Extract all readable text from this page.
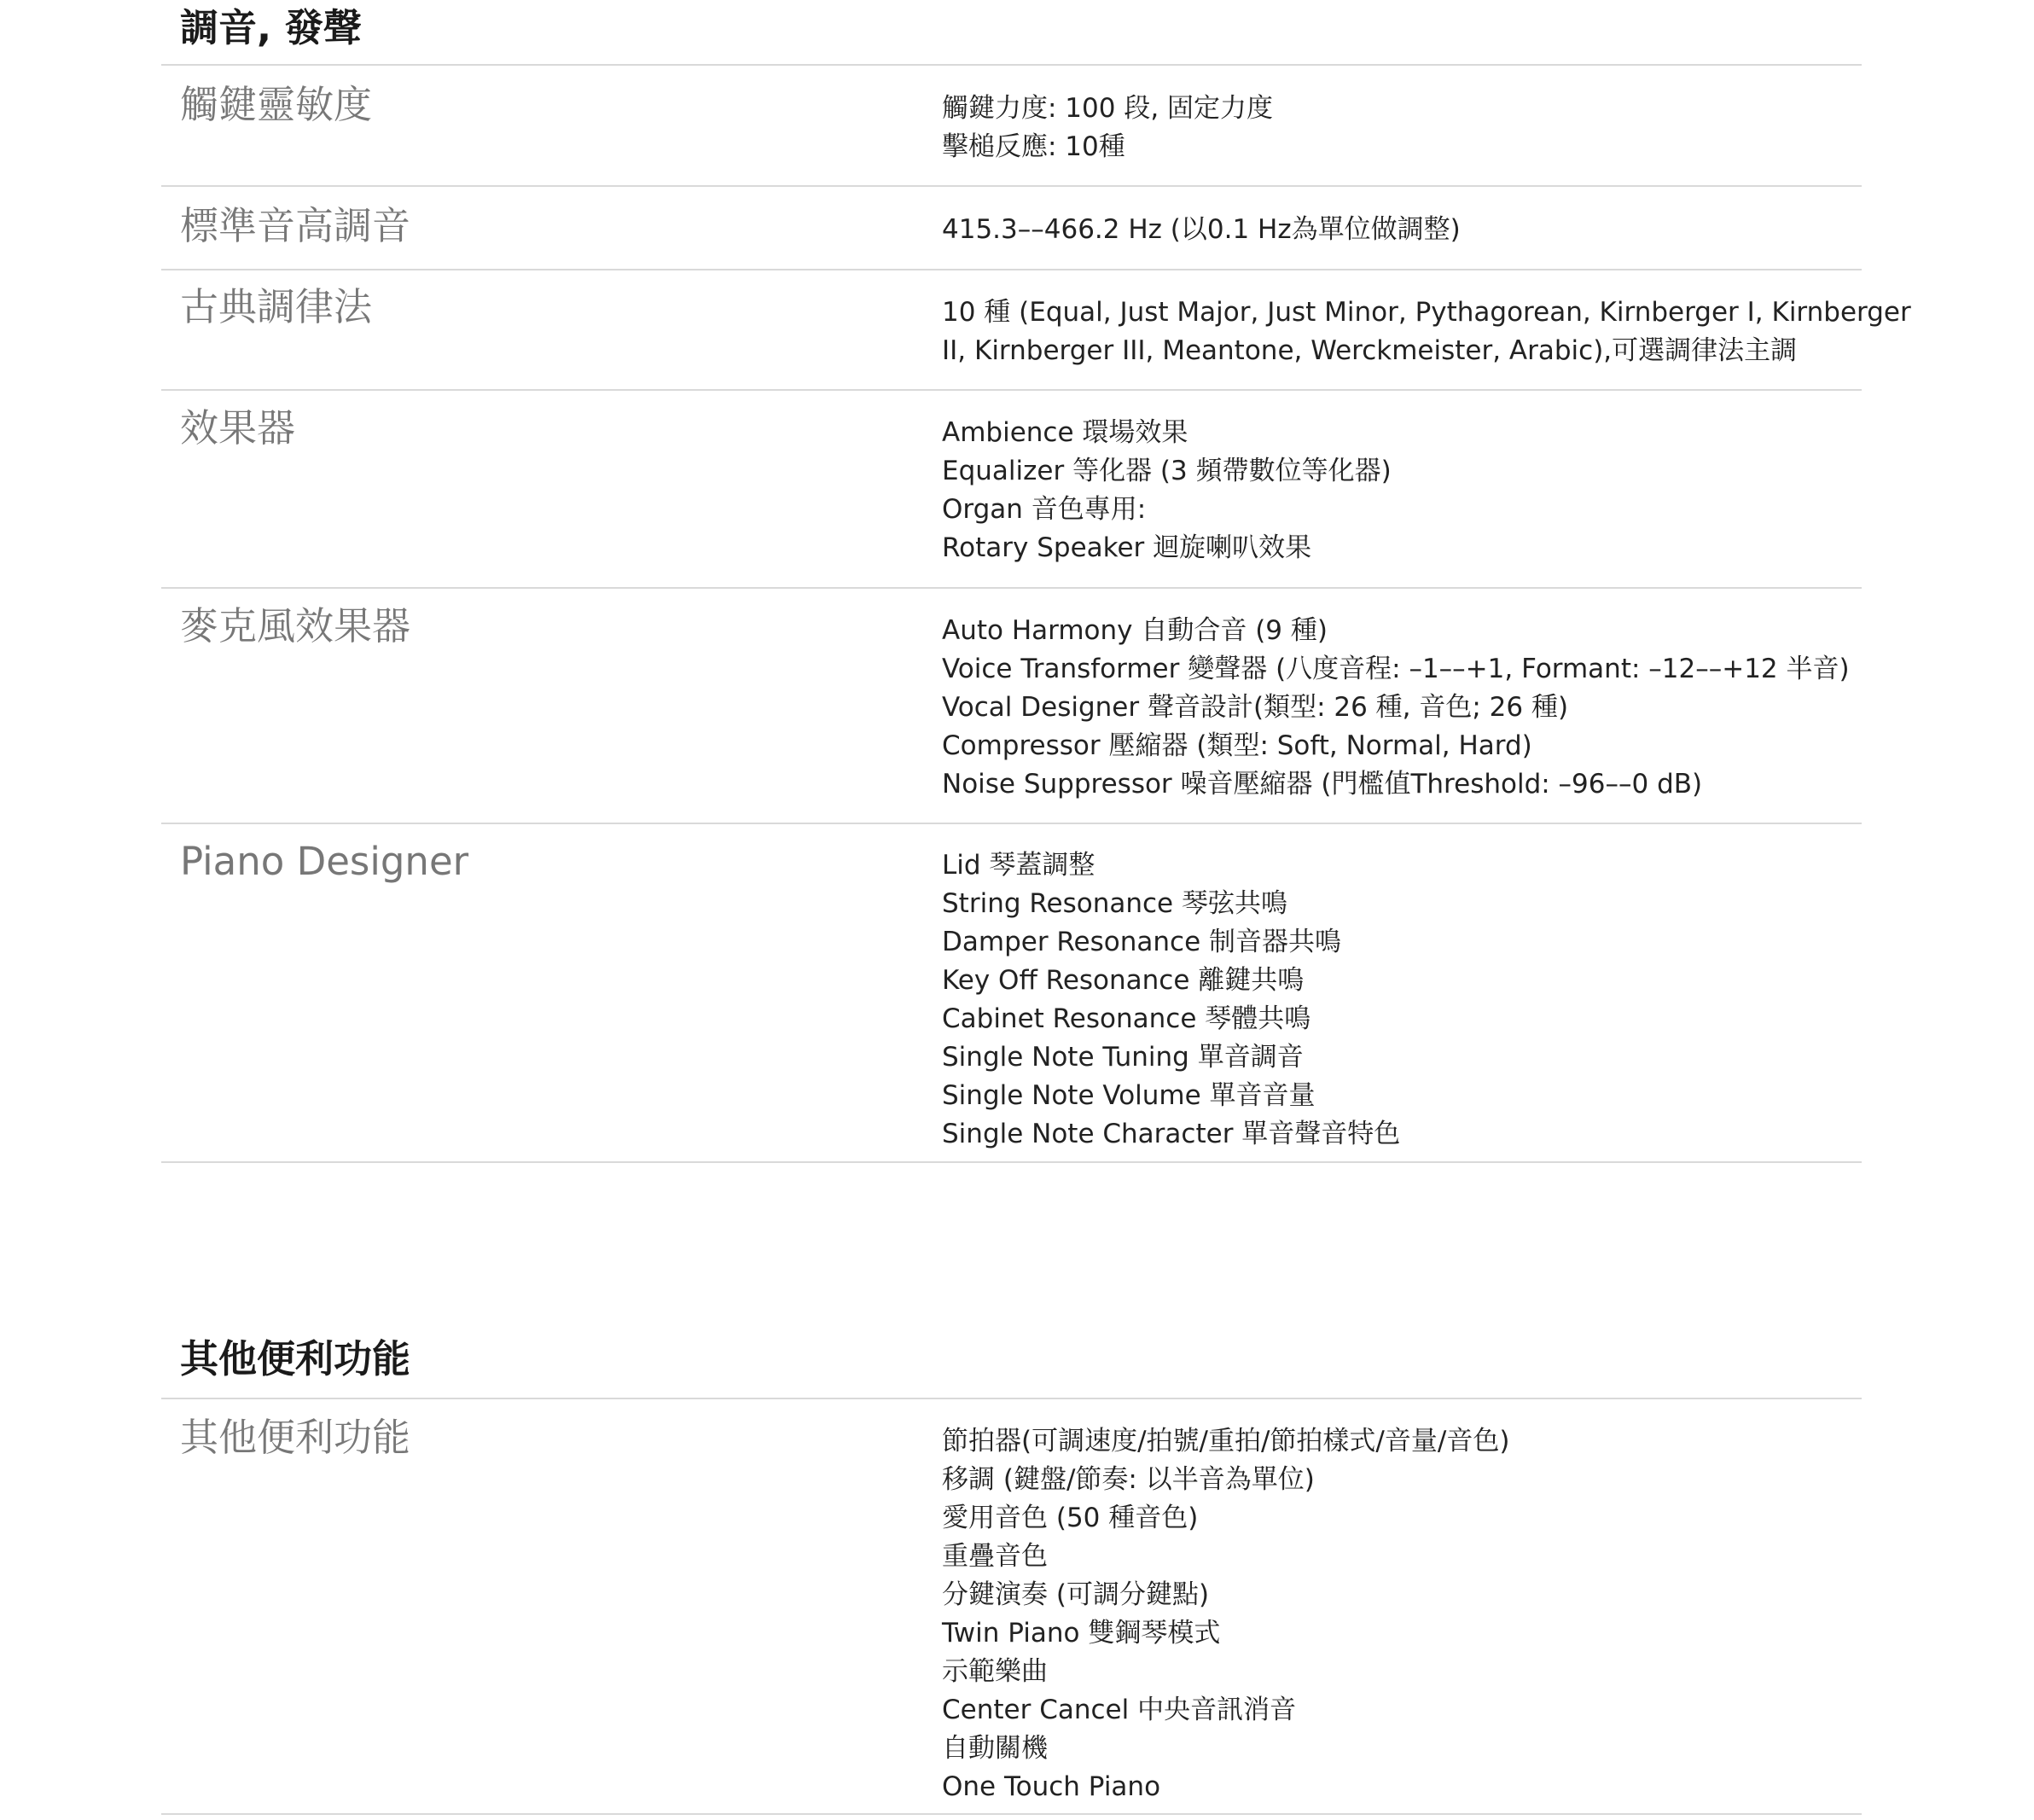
調音, 發聲
觸鍵靈敏度	觸鍵力度: 100 段, 固定力度
擊槌反應: 10種
標準音高調音	415.3––466.2 Hz (以0.1 Hz為單位做調整)
古典調律法	10 種 (Equal, Just Major, Just Minor, Pythagorean, Kirnberger I, Kirnberger
II, Kirnberger III, Meantone, Werckmeister, Arabic),可選調律法主調
效果器	Ambience 環場效果
Equalizer 等化器 (3 頻帶數位等化器)
Organ 音色專用:
Rotary Speaker 迴旋喇叭效果
麥克風效果器	Auto Harmony 自動合音 (9 種)
Voice Transformer 變聲器 (八度音程: –1––+1, Formant: –12––+12 半音)
Vocal Designer 聲音設計(類型: 26 種, 音色; 26 種)
Compressor 壓縮器 (類型: Soft, Normal, Hard)
Noise Suppressor 噪音壓縮器 (門檻值Threshold: –96––0 dB)
Piano Designer	Lid 琴蓋調整
String Resonance 琴弦共鳴
Damper Resonance 制音器共鳴
Key Off Resonance 離鍵共鳴
Cabinet Resonance 琴體共鳴
Single Note Tuning 單音調音
Single Note Volume 單音音量
Single Note Character 單音聲音特色
其他便利功能
其他便利功能	節拍器(可調速度/拍號/重拍/節拍樣式/音量/音色)
移調 (鍵盤/節奏: 以半音為單位)
愛用音色 (50 種音色)
重疊音色
分鍵演奏 (可調分鍵點)
Twin Piano 雙鋼琴模式
示範樂曲
Center Cancel 中央音訊消音
自動關機
One Touch Piano
